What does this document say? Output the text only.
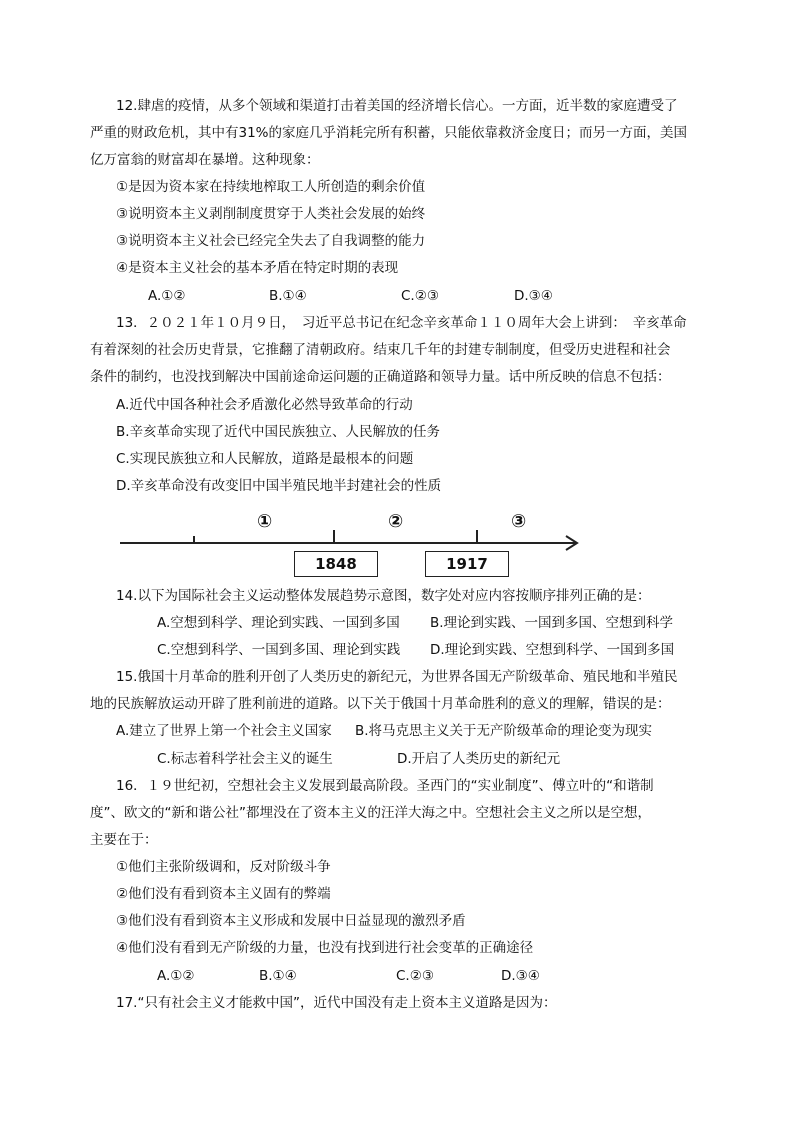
12.肆虐的疫情，从多个领域和渠道打击着美国的经济增长信心。一方面，近半数的家庭遭受了
严重的财政危机，其中有31%的家庭几乎消耗完所有积蓄，只能依靠救济金度日；而另一方面，美国
亿万富翁的财富却在暴增。这种现象：
①是因为资本家在持续地榨取工人所创造的剩余价值
③说明资本主义剥削制度贯穿于人类社会发展的始终
③说明资本主义社会已经完全失去了自我调整的能力
④是资本主义社会的基本矛盾在特定时期的表现
A.①②	B.①④	C.②③	D.③④
13．２０２１年１０月９日，　习近平总书记在纪念辛亥革命１１０周年大会上讲到：　辛亥革命
有着深刻的社会历史背景，它推翻了清朝政府。结束几千年的封建专制制度，但受历史进程和社会
条件的制约，也没找到解决中国前途命运问题的正确道路和领导力量。话中所反映的信息不包括：
A.近代中国各种社会矛盾激化必然导致革命的行动
B.辛亥革命实现了近代中国民族独立、人民解放的任务
C.实现民族独立和人民解放，道路是最根本的问题
D.辛亥革命没有改变旧中国半殖民地半封建社会的性质
①	②	③
1848	1917
14.以下为国际社会主义运动整体发展趋势示意图，数字处对应内容按顺序排列正确的是：
A.空想到科学、理论到实践、一国到多国 B.理论到实践、一国到多国、空想到科学
C.空想到科学、一国到多国、理论到实践 D.理论到实践、空想到科学、一国到多国
15.俄国十月革命的胜利开创了人类历史的新纪元，为世界各国无产阶级革命、殖民地和半殖民
地的民族解放运动开辟了胜利前进的道路。以下关于俄国十月革命胜利的意义的理解，错误的是：
A.建立了世界上第一个社会主义国家 B.将马克思主义关于无产阶级革命的理论变为现实
C.标志着科学社会主义的诞生	D.开启了人类历史的新纪元
16．１９世纪初，空想社会主义发展到最高阶段。圣西门的“实业制度”、傅立叶的“和谐制
度”、欧文的“新和谐公社”都埋没在了资本主义的汪洋大海之中。空想社会主义之所以是空想，
主要在于：
①他们主张阶级调和，反对阶级斗争
②他们没有看到资本主义固有的弊端
③他们没有看到资本主义形成和发展中日益显现的激烈矛盾
④他们没有看到无产阶级的力量，也没有找到进行社会变革的正确途径
A.①②	B.①④	C.②③	D.③④
17.“只有社会主义才能救中国”，近代中国没有走上资本主义道路是因为：
